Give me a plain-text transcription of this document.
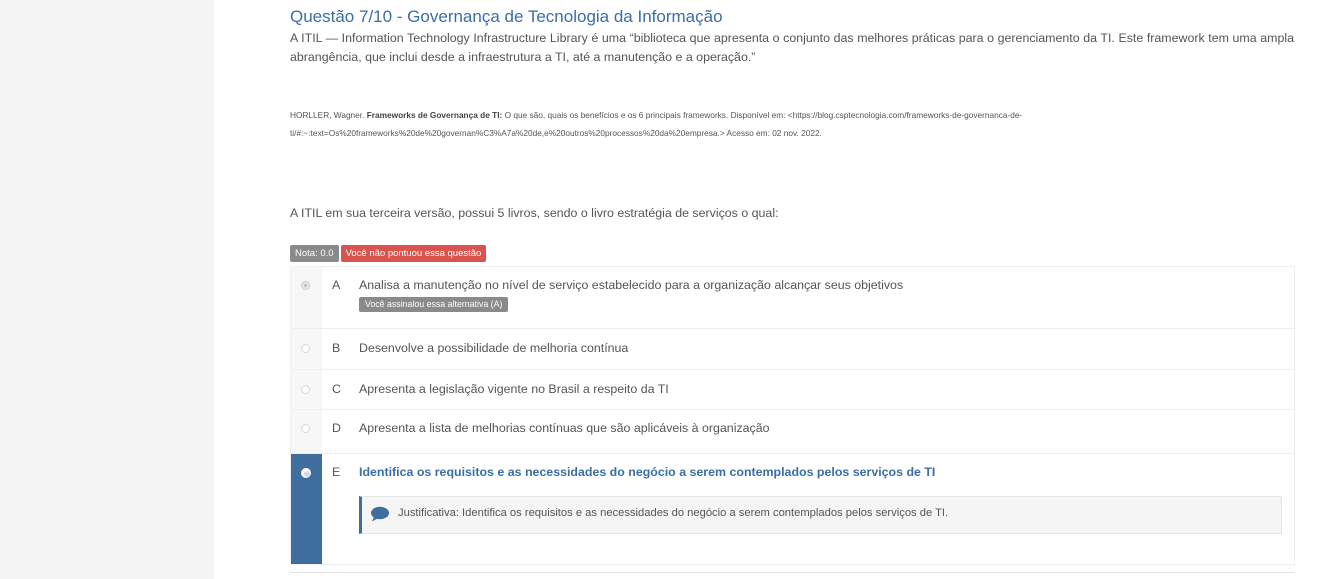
Questão 7/10 - Governança de Tecnologia da Informação
A ITIL — Information Technology Infrastructure Library é uma “biblioteca que apresenta o conjunto das melhores práticas para o gerenciamento da TI. Este framework tem uma ampla abrangência, que inclui desde a infraestrutura a TI, até a manutenção e a operação.”
HORLLER, Wagner. Frameworks de Governança de TI: O que são, quais os benefícios e os 6 principais frameworks. Disponível em: <https://blog.csptecnologia.com/frameworks-de-governanca-de-ti/#:~:text=Os%20frameworks%20de%20governan%C3%A7a%20de,e%20outros%20processos%20da%20empresa.> Acesso em: 02 nov. 2022.
A ITIL em sua terceira versão, possui 5 livros, sendo o livro estratégia de serviços o qual:
Nota: 0.0 Você não pontuou essa questão
A Analisa a manutenção no nível de serviço estabelecido para a organização alcançar seus objetivos
Você assinalou essa alternativa (A)
B Desenvolve a possibilidade de melhoria contínua
C Apresenta a legislação vigente no Brasil a respeito da TI
D Apresenta a lista de melhorias contínuas que são aplicáveis à organização
E Identifica os requisitos e as necessidades do negócio a serem contemplados pelos serviços de TI
Justificativa: Identifica os requisitos e as necessidades do negócio a serem contemplados pelos serviços de TI.
